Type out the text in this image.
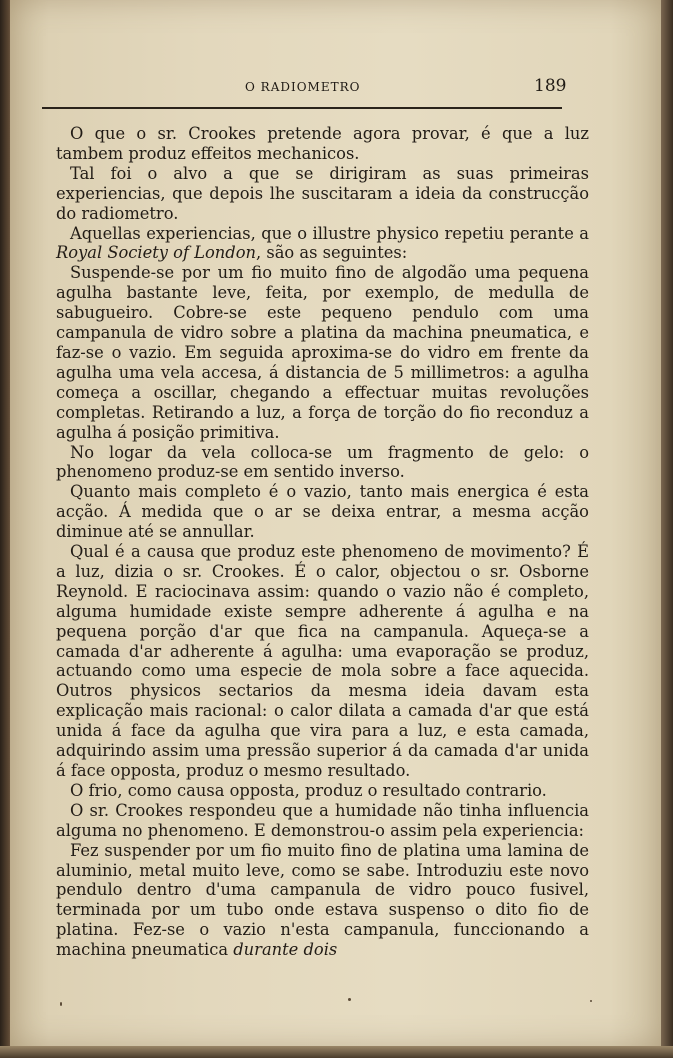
O RADIOMETRO	189

O que o sr. Crookes pretende agora provar, é que a luz tambem produz effeitos mechanicos.

Tal foi o alvo a que se dirigiram as suas primeiras experiencias, que depois lhe suscitaram a ideia da construcção do radiometro.

Aquellas experiencias, que o illustre physico repetiu perante a Royal Society of London, são as seguintes:

Suspende-se por um fio muito fino de algodão uma pequena agulha bastante leve, feita, por exemplo, de medulla de sabugueiro. Cobre-se este pequeno pendulo com uma campanula de vidro sobre a platina da machina pneumatica, e faz-se o vazio. Em seguida aproxima-se do vidro em frente da agulha uma vela accesa, á distancia de 5 millimetros: a agulha começa a oscillar, chegando a effectuar muitas revoluções completas. Retirando a luz, a força de torção do fio reconduz a agulha á posição primitiva.

No logar da vela colloca-se um fragmento de gelo: o phenomeno produz-se em sentido inverso.

Quanto mais completo é o vazio, tanto mais energica é esta acção. Á medida que o ar se deixa entrar, a mesma acção diminue até se annullar.

Qual é a causa que produz este phenomeno de movimento? É a luz, dizia o sr. Crookes. É o calor, objectou o sr. Osborne Reynold. E raciocinava assim: quando o vazio não é completo, alguma humidade existe sempre adherente á agulha e na pequena porção d'ar que fica na campanula. Aqueça-se a camada d'ar adherente á agulha: uma evaporação se produz, actuando como uma especie de mola sobre a face aquecida. Outros physicos sectarios da mesma ideia davam esta explicação mais racional: o calor dilata a camada d'ar que está unida á face da agulha que vira para a luz, e esta camada, adquirindo assim uma pressão superior á da camada d'ar unida á face opposta, produz o mesmo resultado.

O frio, como causa opposta, produz o resultado contrario.

O sr. Crookes respondeu que a humidade não tinha influencia alguma no phenomeno. E demonstrou-o assim pela experiencia:

Fez suspender por um fio muito fino de platina uma lamina de aluminio, metal muito leve, como se sabe. Introduziu este novo pendulo dentro d'uma campanula de vidro pouco fusivel, terminada por um tubo onde estava suspenso o dito fio de platina. Fez-se o vazio n'esta campanula, funccionando a machina pneumatica durante dois
